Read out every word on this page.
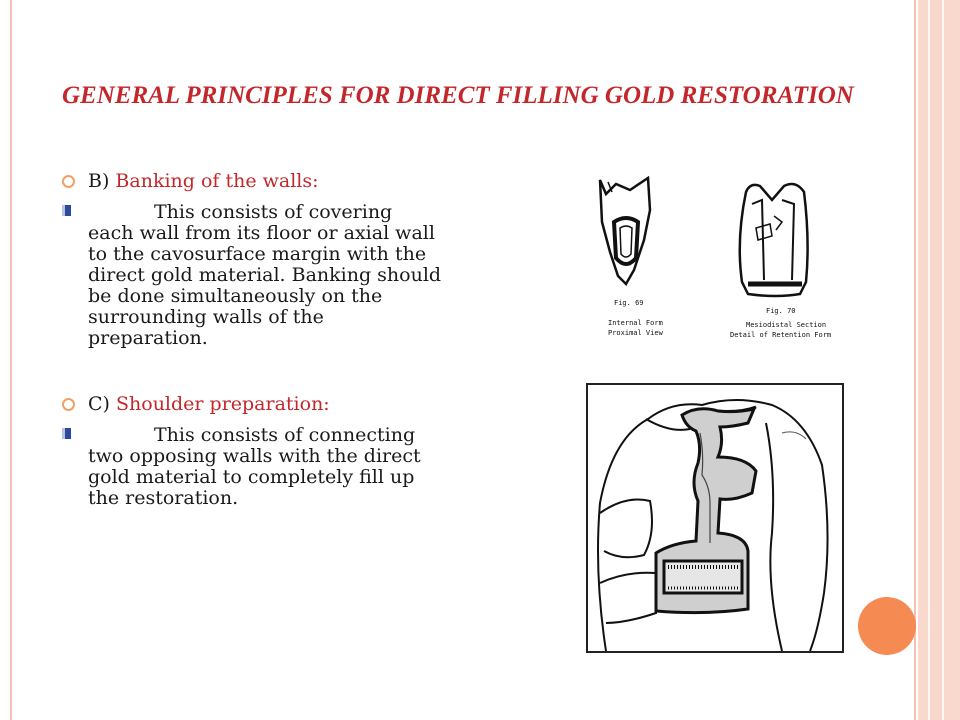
GENERAL PRINCIPLES FOR DIRECT FILLING GOLD RESTORATION
B) Banking of the walls:
This consists of covering each wall from its floor or axial wall to the cavosurface margin with the direct gold material. Banking should be done simultaneously on the surrounding walls of the preparation.
C) Shoulder preparation:
This consists of connecting two opposing walls with the direct gold material to completely fill up the restoration.
Fig. 69
Internal Form
Proximal View
Fig. 70
Mesiodistal Section
Detail of Retention Form
